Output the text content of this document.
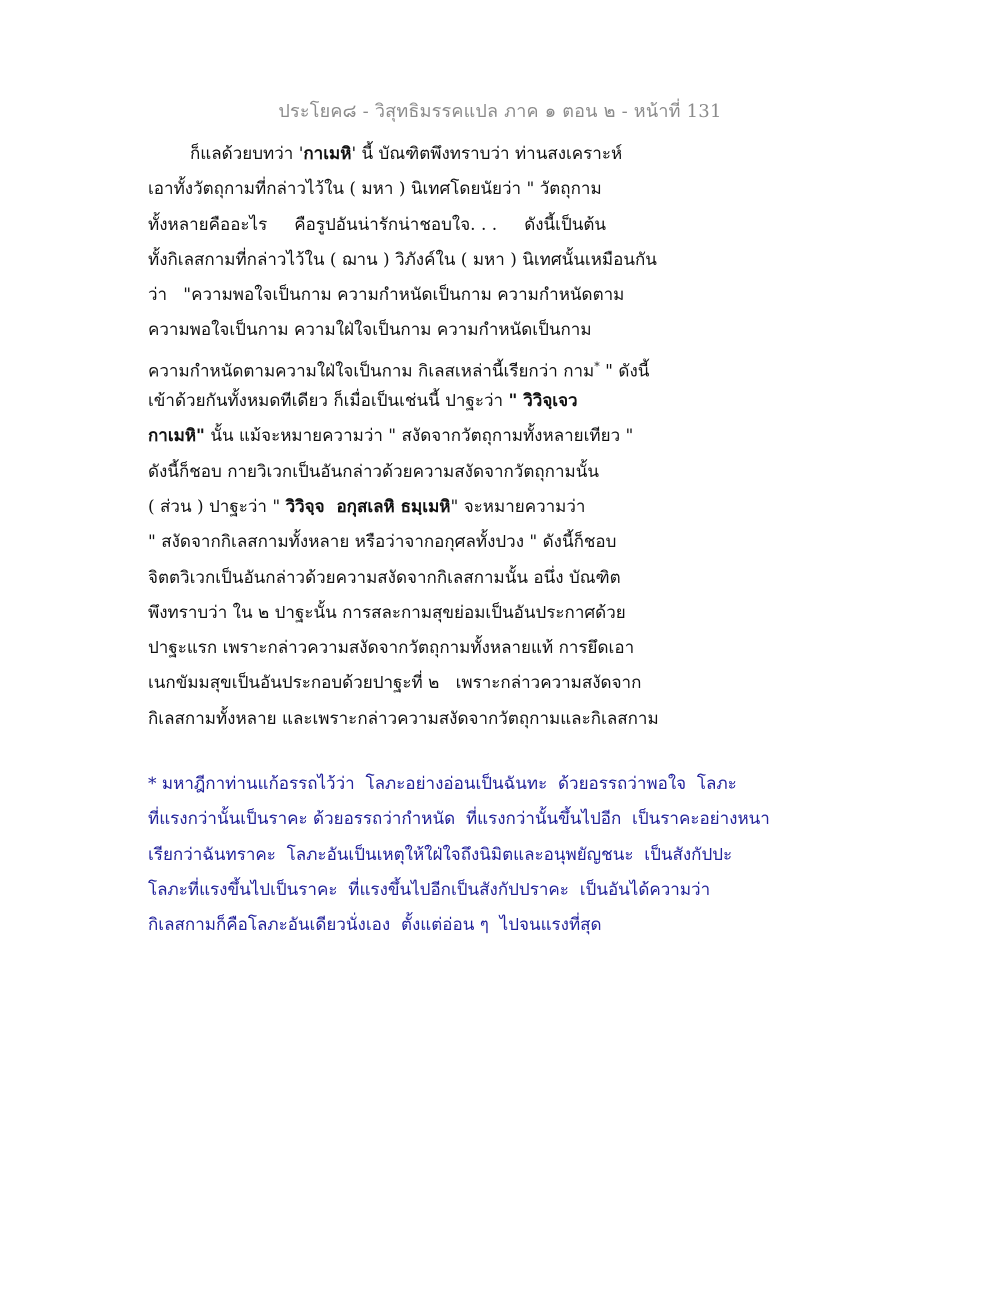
ประโยค๘ - วิสุทธิมรรคแปล ภาค ๑ ตอน ๒ - หน้าที่ 131
ก็แลด้วยบทว่า 'กาเมหิ' นี้ บัณฑิตพึงทราบว่า ท่านสงเคราะห์
เอาทั้งวัตถุกามที่กล่าวไว้ใน ( มหา ) นิเทศโดยนัยว่า " วัตถุกาม
ทั้งหลายคืออะไร     คือรูปอันน่ารักน่าชอบใจ. . .     ดังนี้เป็นต้น
ทั้งกิเลสกามที่กล่าวไว้ใน ( ฌาน ) วิภังค์ใน ( มหา ) นิเทศนั้นเหมือนกัน
ว่า   "ความพอใจเป็นกาม ความกำหนัดเป็นกาม ความกำหนัดตาม
ความพอใจเป็นกาม ความใฝ่ใจเป็นกาม ความกำหนัดเป็นกาม
ความกำหนัดตามความใฝ่ใจเป็นกาม กิเลสเหล่านี้เรียกว่า กาม* " ดังนี้
เข้าด้วยกันทั้งหมดทีเดียว ก็เมื่อเป็นเช่นนี้ ปาฐะว่า " วิวิจฺเจว
กาเมหิ" นั้น แม้จะหมายความว่า " สงัดจากวัตถุกามทั้งหลายเทียว "
ดังนี้ก็ชอบ กายวิเวกเป็นอันกล่าวด้วยความสงัดจากวัตถุกามนั้น
( ส่วน ) ปาฐะว่า " วิวิจฺจ  อกุสเลหิ ธมฺเมหิ" จะหมายความว่า
" สงัดจากกิเลสกามทั้งหลาย หรือว่าจากอกุศลทั้งปวง " ดังนี้ก็ชอบ
จิตตวิเวกเป็นอันกล่าวด้วยความสงัดจากกิเลสกามนั้น อนึ่ง บัณฑิต
พึงทราบว่า ใน ๒ ปาฐะนั้น การสละกามสุขย่อมเป็นอันประกาศด้วย
ปาฐะแรก เพราะกล่าวความสงัดจากวัตถุกามทั้งหลายแท้ การยึดเอา
เนกขัมมสุขเป็นอันประกอบด้วยปาฐะที่ ๒   เพราะกล่าวความสงัดจาก
กิเลสกามทั้งหลาย และเพราะกล่าวความสงัดจากวัตถุกามและกิเลสกาม
* มหาฎีกาท่านแก้อรรถไว้ว่า  โลภะอย่างอ่อนเป็นฉันทะ  ด้วยอรรถว่าพอใจ  โลภะ
ที่แรงกว่านั้นเป็นราคะ ด้วยอรรถว่ากำหนัด  ที่แรงกว่านั้นขึ้นไปอีก  เป็นราคะอย่างหนา
เรียกว่าฉันทราคะ  โลภะอันเป็นเหตุให้ใฝ่ใจถึงนิมิตและอนุพยัญชนะ  เป็นสังกัปปะ
โลภะที่แรงขึ้นไปเป็นราคะ  ที่แรงขึ้นไปอีกเป็นสังกัปปราคะ  เป็นอันได้ความว่า
กิเลสกามก็คือโลภะอันเดียวนั่งเอง  ตั้งแต่อ่อน ๆ  ไปจนแรงที่สุด
